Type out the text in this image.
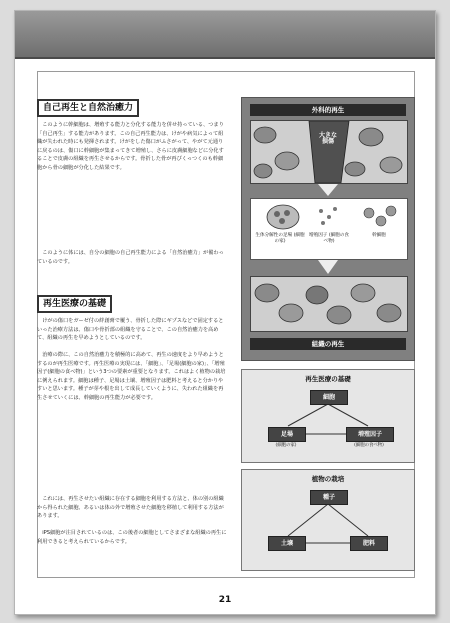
自己再生と自然治癒力
このように幹細胞は、増殖する能力と分化する能力を併せ持っている、つまり「自己再生」する能力があります。この自己再生能力は、けがや病気によって組織が失われた時にも発揮されます。けがをした傷口がふさがって、やがて元通りに戻るのは、傷口に幹細胞が集まってきて増殖し、さらに皮膚細胞などに分化することで皮膚の組織を再生させるからです。骨折した骨が再びくっつくのも幹細胞から骨の細胞が分化した結果です。
このように体には、自分の細胞の自己再生能力による「自然治癒力」が備わっているのです。
再生医療の基礎
けがの傷口をガーゼ付の絆創膏で覆う、骨折した際にギプスなどで固定するといった治療方法は、傷口や骨折部の組織を守ることで、この自然治癒力を高めて、組織の再生を早めようとしているのです。
治療の際に、この自然治癒力を積極的に高めて、再生の速度をより早めようとするのが再生医療です。再生医療の実現には、「細胞」、「足場(細胞の家)」、「増殖因子(細胞の食べ物)」という3つの要素が重要となります。これはよく植物の栽培に例えられます。細胞は種子、足場は土壌、増殖因子は肥料と考えると分かりやすいと思います。種子が芽や根を出して成長していくように、失われた組織を再生させていくには、幹細胞の再生能力が必要です。
これには、再生させたい組織に存在する細胞を利用する方法と、体の別の組織から得られた細胞、あるいは体の外で増殖させた細胞を移植して利用する方法があります。
iPS細胞が注目されているのは、この後者の細胞としてさまざまな組織の再生に利用できると考えられているからです。
外科的再生
大きな損傷
生体分解性の足場 (細胞の家)
増殖因子 (細胞の食べ物)
幹細胞
組織の再生
再生医療の基礎
細胞
足場
(細胞の家)
増殖因子
(細胞の食べ物)
植物の栽培
種子
土壌	肥料
21
